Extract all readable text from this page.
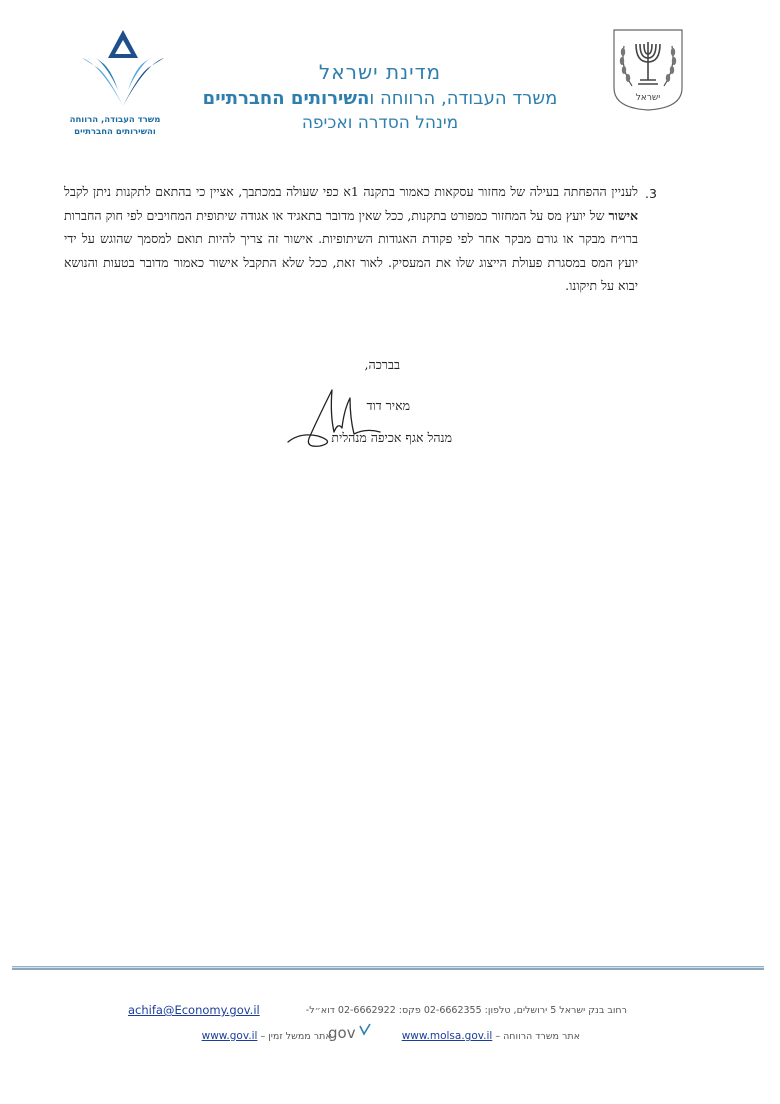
ישראל
משרד העבודה, הרווחה
והשירותים החברתיים
מדינת ישראל
משרד העבודה, הרווחה והשירותים החברתיים
מינהל הסדרה ואכיפה
.3
לעניין ההפחתה בעילה של מחזור עסקאות כאמור בתקנה 1א כפי שעולה במכתבך, אציין כי בהתאם לתקנות ניתן לקבל אישור של יועץ מס על המחזור כמפורט בתקנות, ככל שאין מדובר בתאגיד או אגודה שיתופית המחויבים לפי חוק החברות ברו״ח מבקר או גורם מבקר אחר לפי פקודת האגודות השיתופיות. אישור זה צריך להיות תואם למסמך שהוגש על ידי יועץ המס במסגרת פעולת הייצוג שלו את המעסיק. לאור זאת, ככל שלא התקבל אישור כאמור מדובר בטעות והנושא יבוא על תיקונו.
בברכה,
מאיר דוד
מנהל אגף אכיפה מנהלית
רחוב בנק ישראל 5 ירושלים, טלפון: 02-6662355 פקס: 02-6662922 דוא״ל-
achifa@Economy.gov.il
אתר משרד הרווחה – www.molsa.gov.ilאתר ממשל זמין – www.gov.il	gov
